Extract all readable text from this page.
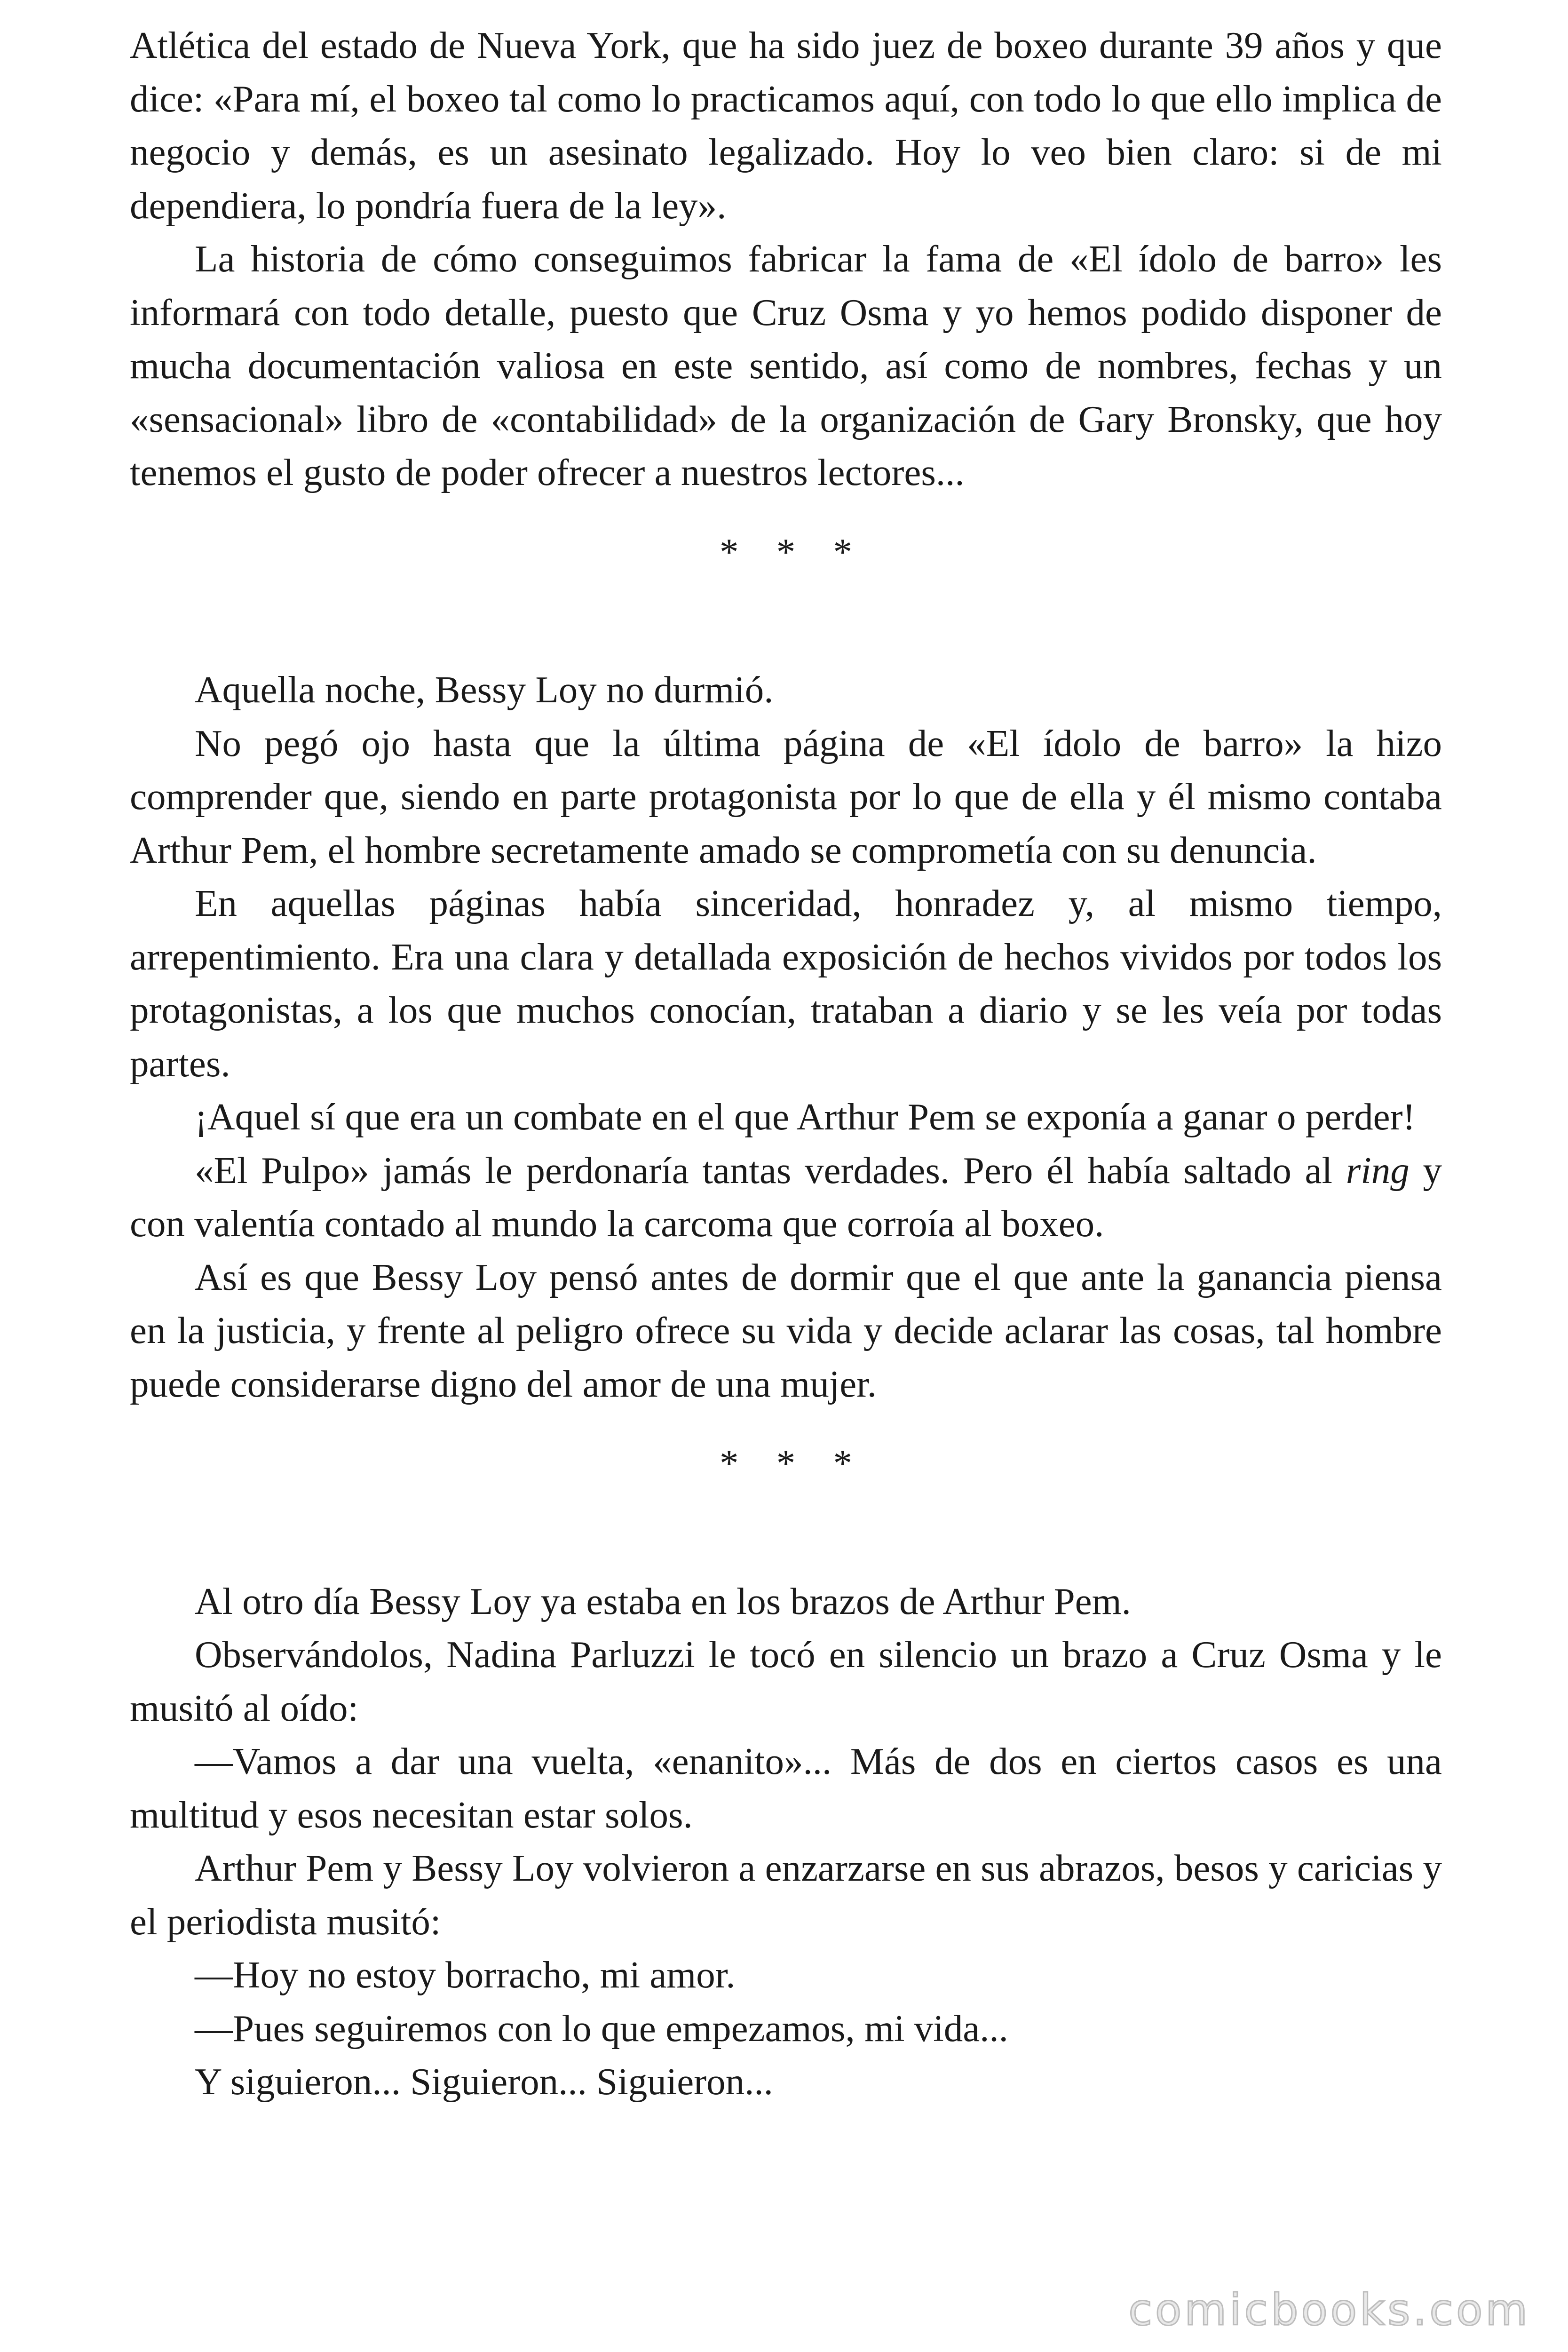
Atlética del estado de Nueva York, que ha sido juez de boxeo durante 39 años y que dice: «Para mí, el boxeo tal como lo practicamos aquí, con todo lo que ello implica de negocio y demás, es un asesinato legalizado. Hoy lo veo bien claro: si de mi dependiera, lo pondría fuera de la ley».

La historia de cómo conseguimos fabricar la fama de «El ídolo de barro» les informará con todo detalle, puesto que Cruz Osma y yo hemos podido disponer de mucha documentación valiosa en este sentido, así como de nombres, fechas y un «sensacional» libro de «contabilidad» de la organización de Gary Bronsky, que hoy tenemos el gusto de poder ofrecer a nuestros lectores...

* * *

Aquella noche, Bessy Loy no durmió.

No pegó ojo hasta que la última página de «El ídolo de barro» la hizo comprender que, siendo en parte protagonista por lo que de ella y él mismo contaba Arthur Pem, el hombre secretamente amado se comprometía con su denuncia.

En aquellas páginas había sinceridad, honradez y, al mismo tiempo, arrepentimiento. Era una clara y detallada exposición de hechos vividos por todos los protagonistas, a los que muchos conocían, trataban a diario y se les veía por todas partes.

¡Aquel sí que era un combate en el que Arthur Pem se exponía a ganar o perder!

«El Pulpo» jamás le perdonaría tantas verdades. Pero él había saltado al ring y con valentía contado al mundo la carcoma que corroía al boxeo.

Así es que Bessy Loy pensó antes de dormir que el que ante la ganancia piensa en la justicia, y frente al peligro ofrece su vida y decide aclarar las cosas, tal hombre puede considerarse digno del amor de una mujer.

* * *

Al otro día Bessy Loy ya estaba en los brazos de Arthur Pem.

Observándolos, Nadina Parluzzi le tocó en silencio un brazo a Cruz Osma y le musitó al oído:

—Vamos a dar una vuelta, «enanito»... Más de dos en ciertos casos es una multitud y esos necesitan estar solos.

Arthur Pem y Bessy Loy volvieron a enzarzarse en sus abrazos, besos y caricias y el periodista musitó:

—Hoy no estoy borracho, mi amor.

—Pues seguiremos con lo que empezamos, mi vida...

Y siguieron... Siguieron... Siguieron...

comicbooks.com
